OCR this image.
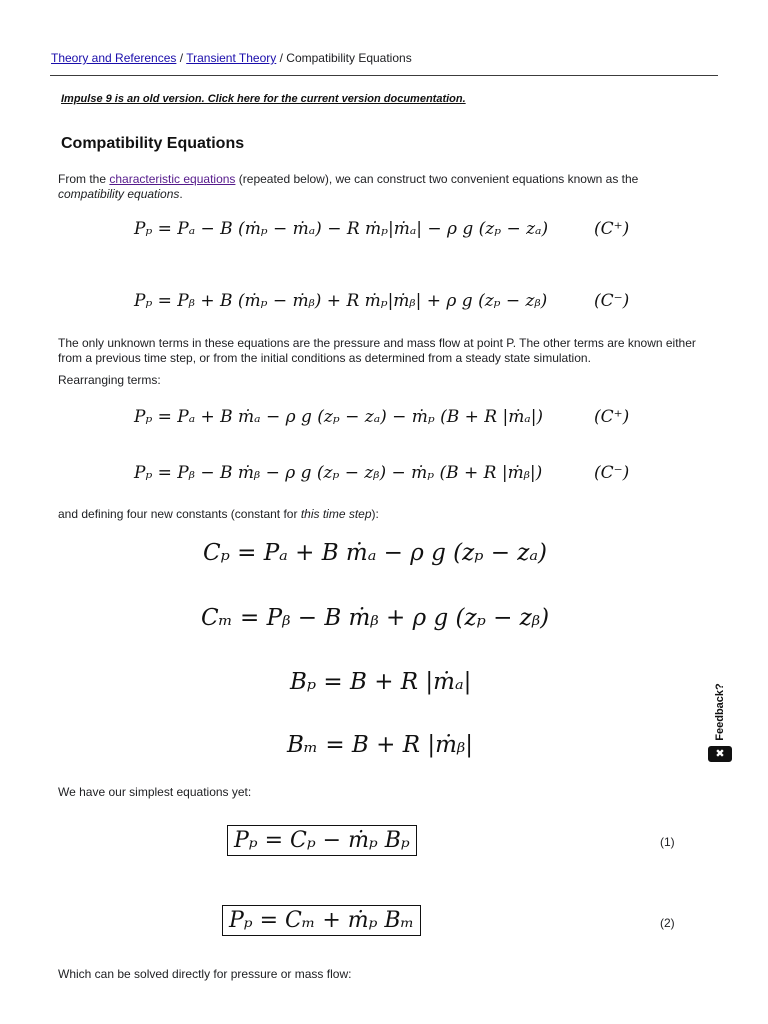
Theory and References / Transient Theory / Compatibility Equations
Impulse 9 is an old version. Click here for the current version documentation.
Compatibility Equations

From the characteristic equations (repeated below), we can construct two convenient equations known as the compatibility equations.

Pₚ = Pₐ − B (ṁₚ − ṁₐ) − R ṁₚ|ṁₐ| − ρ g (zₚ − zₐ)	(C⁺)
Pₚ = Pᵦ + B (ṁₚ − ṁᵦ) + R ṁₚ|ṁᵦ| + ρ g (zₚ − zᵦ)	(C⁻)

The only unknown terms in these equations are the pressure and mass flow at point P. The other terms are known either from a previous time step, or from the initial conditions as determined from a steady state simulation.

Rearranging terms:

Pₚ = Pₐ + B ṁₐ − ρ g (zₚ − zₐ) − ṁₚ (B + R |ṁₐ|)	(C⁺)
Pₚ = Pᵦ − B ṁᵦ − ρ g (zₚ − zᵦ) − ṁₚ (B + R |ṁᵦ|)	(C⁻)

and defining four new constants (constant for this time step):

Cₚ = Pₐ + B ṁₐ − ρ g (zₚ − zₐ)
Cₘ = Pᵦ − B ṁᵦ + ρ g (zₚ − zᵦ)
Bₚ = B + R |ṁₐ|
Bₘ = B + R |ṁᵦ|

We have our simplest equations yet:

Pₚ = Cₚ − ṁₚ Bₚ	(1)
Pₚ = Cₘ + ṁₚ Bₘ	(2)

Which can be solved directly for pressure or mass flow:

Feedback?
✖
